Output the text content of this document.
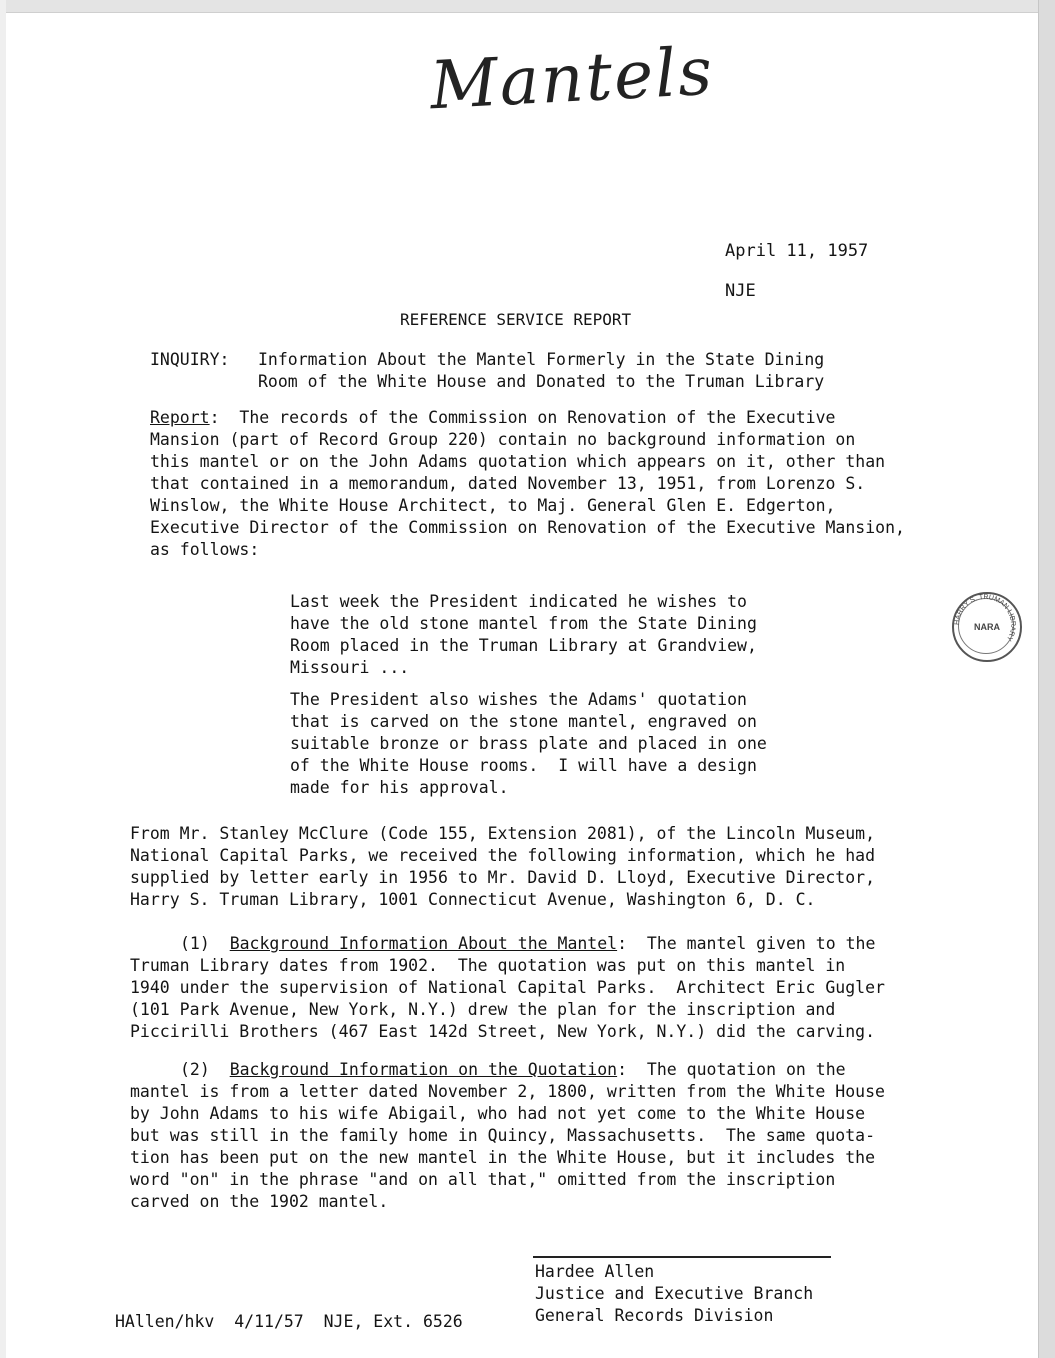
Mantels
April 11, 1957
NJE
REFERENCE SERVICE REPORT
INQUIRY: Information About the Mantel Formerly in the State Dining
Room of the White House and Donated to the Truman Library
Report:  The records of the Commission on Renovation of the Executive
Mansion (part of Record Group 220) contain no background information on
this mantel or on the John Adams quotation which appears on it, other than
that contained in a memorandum, dated November 13, 1951, from Lorenzo S.
Winslow, the White House Architect, to Maj. General Glen E. Edgerton,
Executive Director of the Commission on Renovation of the Executive Mansion,
as follows:
Last week the President indicated he wishes to
have the old stone mantel from the State Dining
Room placed in the Truman Library at Grandview,
Missouri ...
The President also wishes the Adams' quotation
that is carved on the stone mantel, engraved on
suitable bronze or brass plate and placed in one
of the White House rooms.  I will have a design
made for his approval.
From Mr. Stanley McClure (Code 155, Extension 2081), of the Lincoln Museum,
National Capital Parks, we received the following information, which he had
supplied by letter early in 1956 to Mr. David D. Lloyd, Executive Director,
Harry S. Truman Library, 1001 Connecticut Avenue, Washington 6, D. C.
(1) Background Information About the Mantel:  The mantel given to the
Truman Library dates from 1902.  The quotation was put on this mantel in
1940 under the supervision of National Capital Parks.  Architect Eric Gugler
(101 Park Avenue, New York, N.Y.) drew the plan for the inscription and
Piccirilli Brothers (467 East 142d Street, New York, N.Y.) did the carving.
(2) Background Information on the Quotation:  The quotation on the
mantel is from a letter dated November 2, 1800, written from the White House
by John Adams to his wife Abigail, who had not yet come to the White House
but was still in the family home in Quincy, Massachusetts.  The same quota-
tion has been put on the new mantel in the White House, but it includes the
word "on" in the phrase "and on all that," omitted from the inscription
carved on the 1902 mantel.
Hardee Allen
Justice and Executive Branch
General Records Division
HAllen/hkv  4/11/57  NJE, Ext. 6526
HARRY S. TRUMAN LIBRARY
NARA
